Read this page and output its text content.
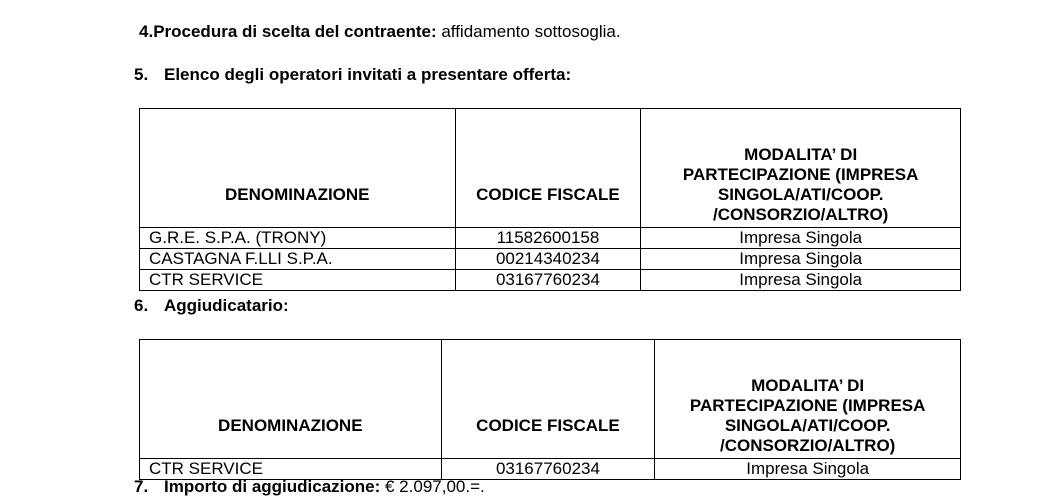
4.Procedura di scelta del contraente: affidamento sottosoglia.
5. Elenco degli operatori invitati a presentare offerta:
DENOMINAZIONE	CODICE FISCALE	MODALITA’ DI
PARTECIPAZIONE (IMPRESA
SINGOLA/ATI/COOP.
/CONSORZIO/ALTRO)

G.R.E. S.P.A. (TRONY)	11582600158	Impresa Singola
CASTAGNA F.LLI S.P.A.	00214340234	Impresa Singola
CTR SERVICE	03167760234	Impresa Singola
6. Aggiudicatario:
DENOMINAZIONE	CODICE FISCALE	MODALITA’ DI
PARTECIPAZIONE (IMPRESA
SINGOLA/ATI/COOP.
/CONSORZIO/ALTRO)

CTR SERVICE	03167760234	Impresa Singola
7. Importo di aggiudicazione: € 2.097,00.=.
